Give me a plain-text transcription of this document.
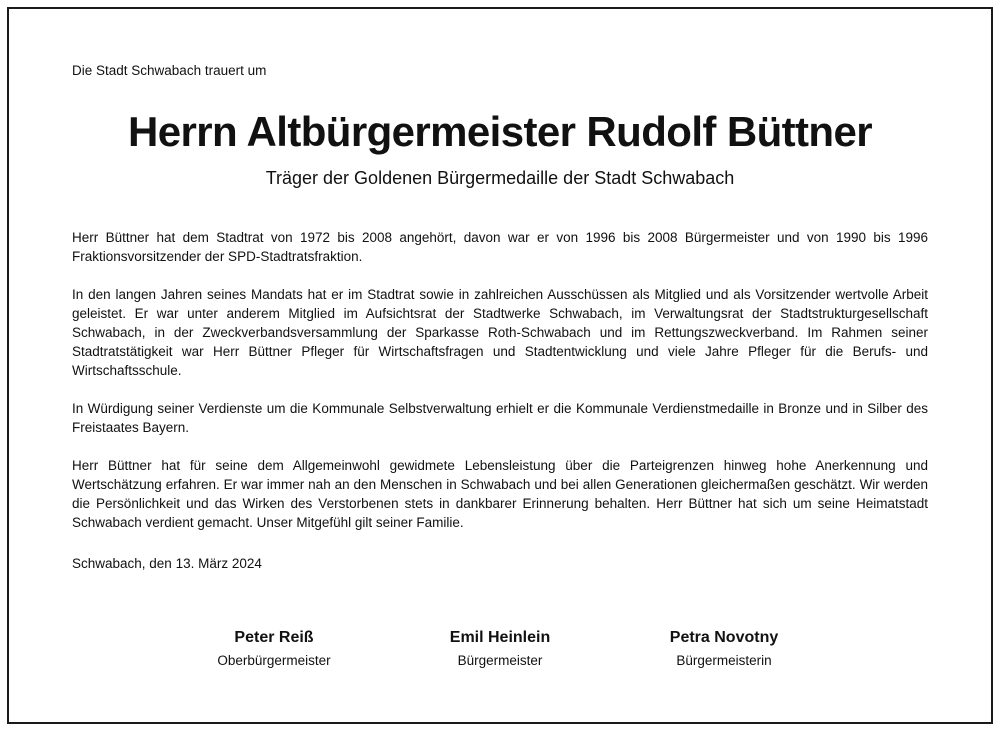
Die Stadt Schwabach trauert um
Herrn Altbürgermeister Rudolf Büttner
Träger der Goldenen Bürgermedaille der Stadt Schwabach

Herr Büttner hat dem Stadtrat von 1972 bis 2008 angehört, davon war er von 1996 bis 2008 Bürgermeister und von 1990 bis 1996 Fraktionsvorsitzender der SPD-Stadtratsfraktion.

In den langen Jahren seines Mandats hat er im Stadtrat sowie in zahlreichen Ausschüssen als Mitglied und als Vorsitzender wertvolle Arbeit geleistet. Er war unter anderem Mitglied im Aufsichtsrat der Stadtwerke Schwabach, im Verwaltungsrat der Stadtstrukturgesellschaft Schwabach, in der Zweckverbandsversammlung der Sparkasse Roth-Schwabach und im Rettungszweckverband. Im Rahmen seiner Stadtratstätigkeit war Herr Büttner Pfleger für Wirtschaftsfragen und Stadtentwicklung und viele Jahre Pfleger für die Berufs- und Wirtschaftsschule.

In Würdigung seiner Verdienste um die Kommunale Selbstverwaltung erhielt er die Kommunale Verdienstmedaille in Bronze und in Silber des Freistaates Bayern.

Herr Büttner hat für seine dem Allgemeinwohl gewidmete Lebensleistung über die Parteigrenzen hinweg hohe Anerkennung und Wertschätzung erfahren. Er war immer nah an den Menschen in Schwabach und bei allen Generationen gleichermaßen geschätzt. Wir werden die Persönlichkeit und das Wirken des Verstorbenen stets in dankbarer Erinnerung behalten. Herr Büttner hat sich um seine Heimatstadt Schwabach verdient gemacht. Unser Mitgefühl gilt seiner Familie.

Schwabach, den 13. März 2024
Peter Reiß
Oberbürgermeister
Emil Heinlein
Bürgermeister
Petra Novotny
Bürgermeisterin
